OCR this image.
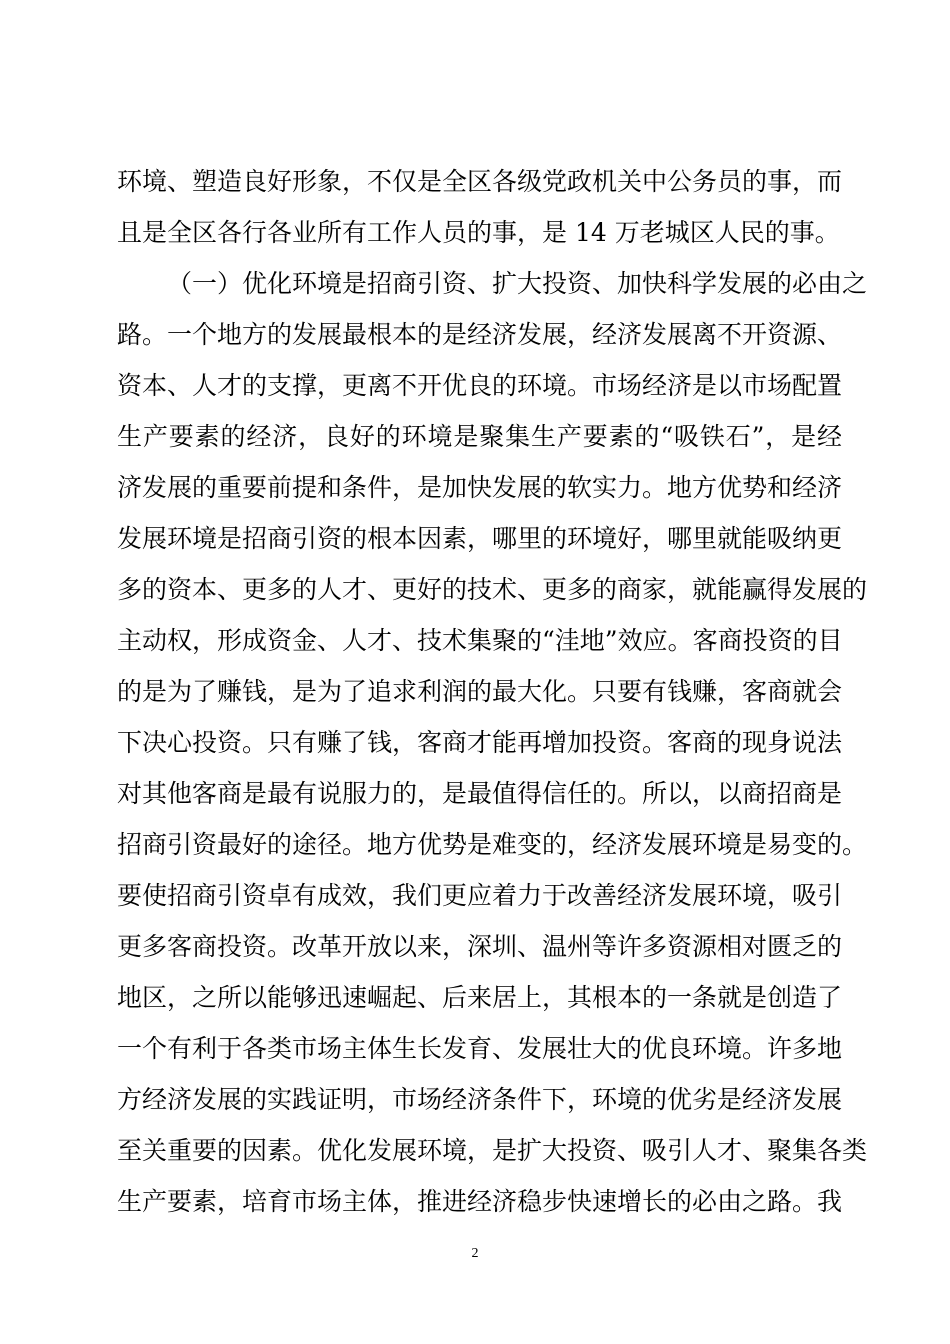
环境、塑造良好形象，不仅是全区各级党政机关中公务员的事，而
且是全区各行各业所有工作人员的事，是 14 万老城区人民的事。
（一）优化环境是招商引资、扩大投资、加快科学发展的必由之
路。一个地方的发展最根本的是经济发展，经济发展离不开资源、
资本、人才的支撑，更离不开优良的环境。市场经济是以市场配置
生产要素的经济，良好的环境是聚集生产要素的“吸铁石”，是经
济发展的重要前提和条件，是加快发展的软实力。地方优势和经济
发展环境是招商引资的根本因素，哪里的环境好，哪里就能吸纳更
多的资本、更多的人才、更好的技术、更多的商家，就能赢得发展的
主动权，形成资金、人才、技术集聚的“洼地”效应。客商投资的目
的是为了赚钱，是为了追求利润的最大化。只要有钱赚，客商就会
下决心投资。只有赚了钱，客商才能再增加投资。客商的现身说法
对其他客商是最有说服力的，是最值得信任的。所以，以商招商是
招商引资最好的途径。地方优势是难变的，经济发展环境是易变的。
要使招商引资卓有成效，我们更应着力于改善经济发展环境，吸引
更多客商投资。改革开放以来，深圳、温州等许多资源相对匮乏的
地区，之所以能够迅速崛起、后来居上，其根本的一条就是创造了
一个有利于各类市场主体生长发育、发展壮大的优良环境。许多地
方经济发展的实践证明，市场经济条件下，环境的优劣是经济发展
至关重要的因素。优化发展环境，是扩大投资、吸引人才、聚集各类
生产要素，培育市场主体，推进经济稳步快速增长的必由之路。我
2
